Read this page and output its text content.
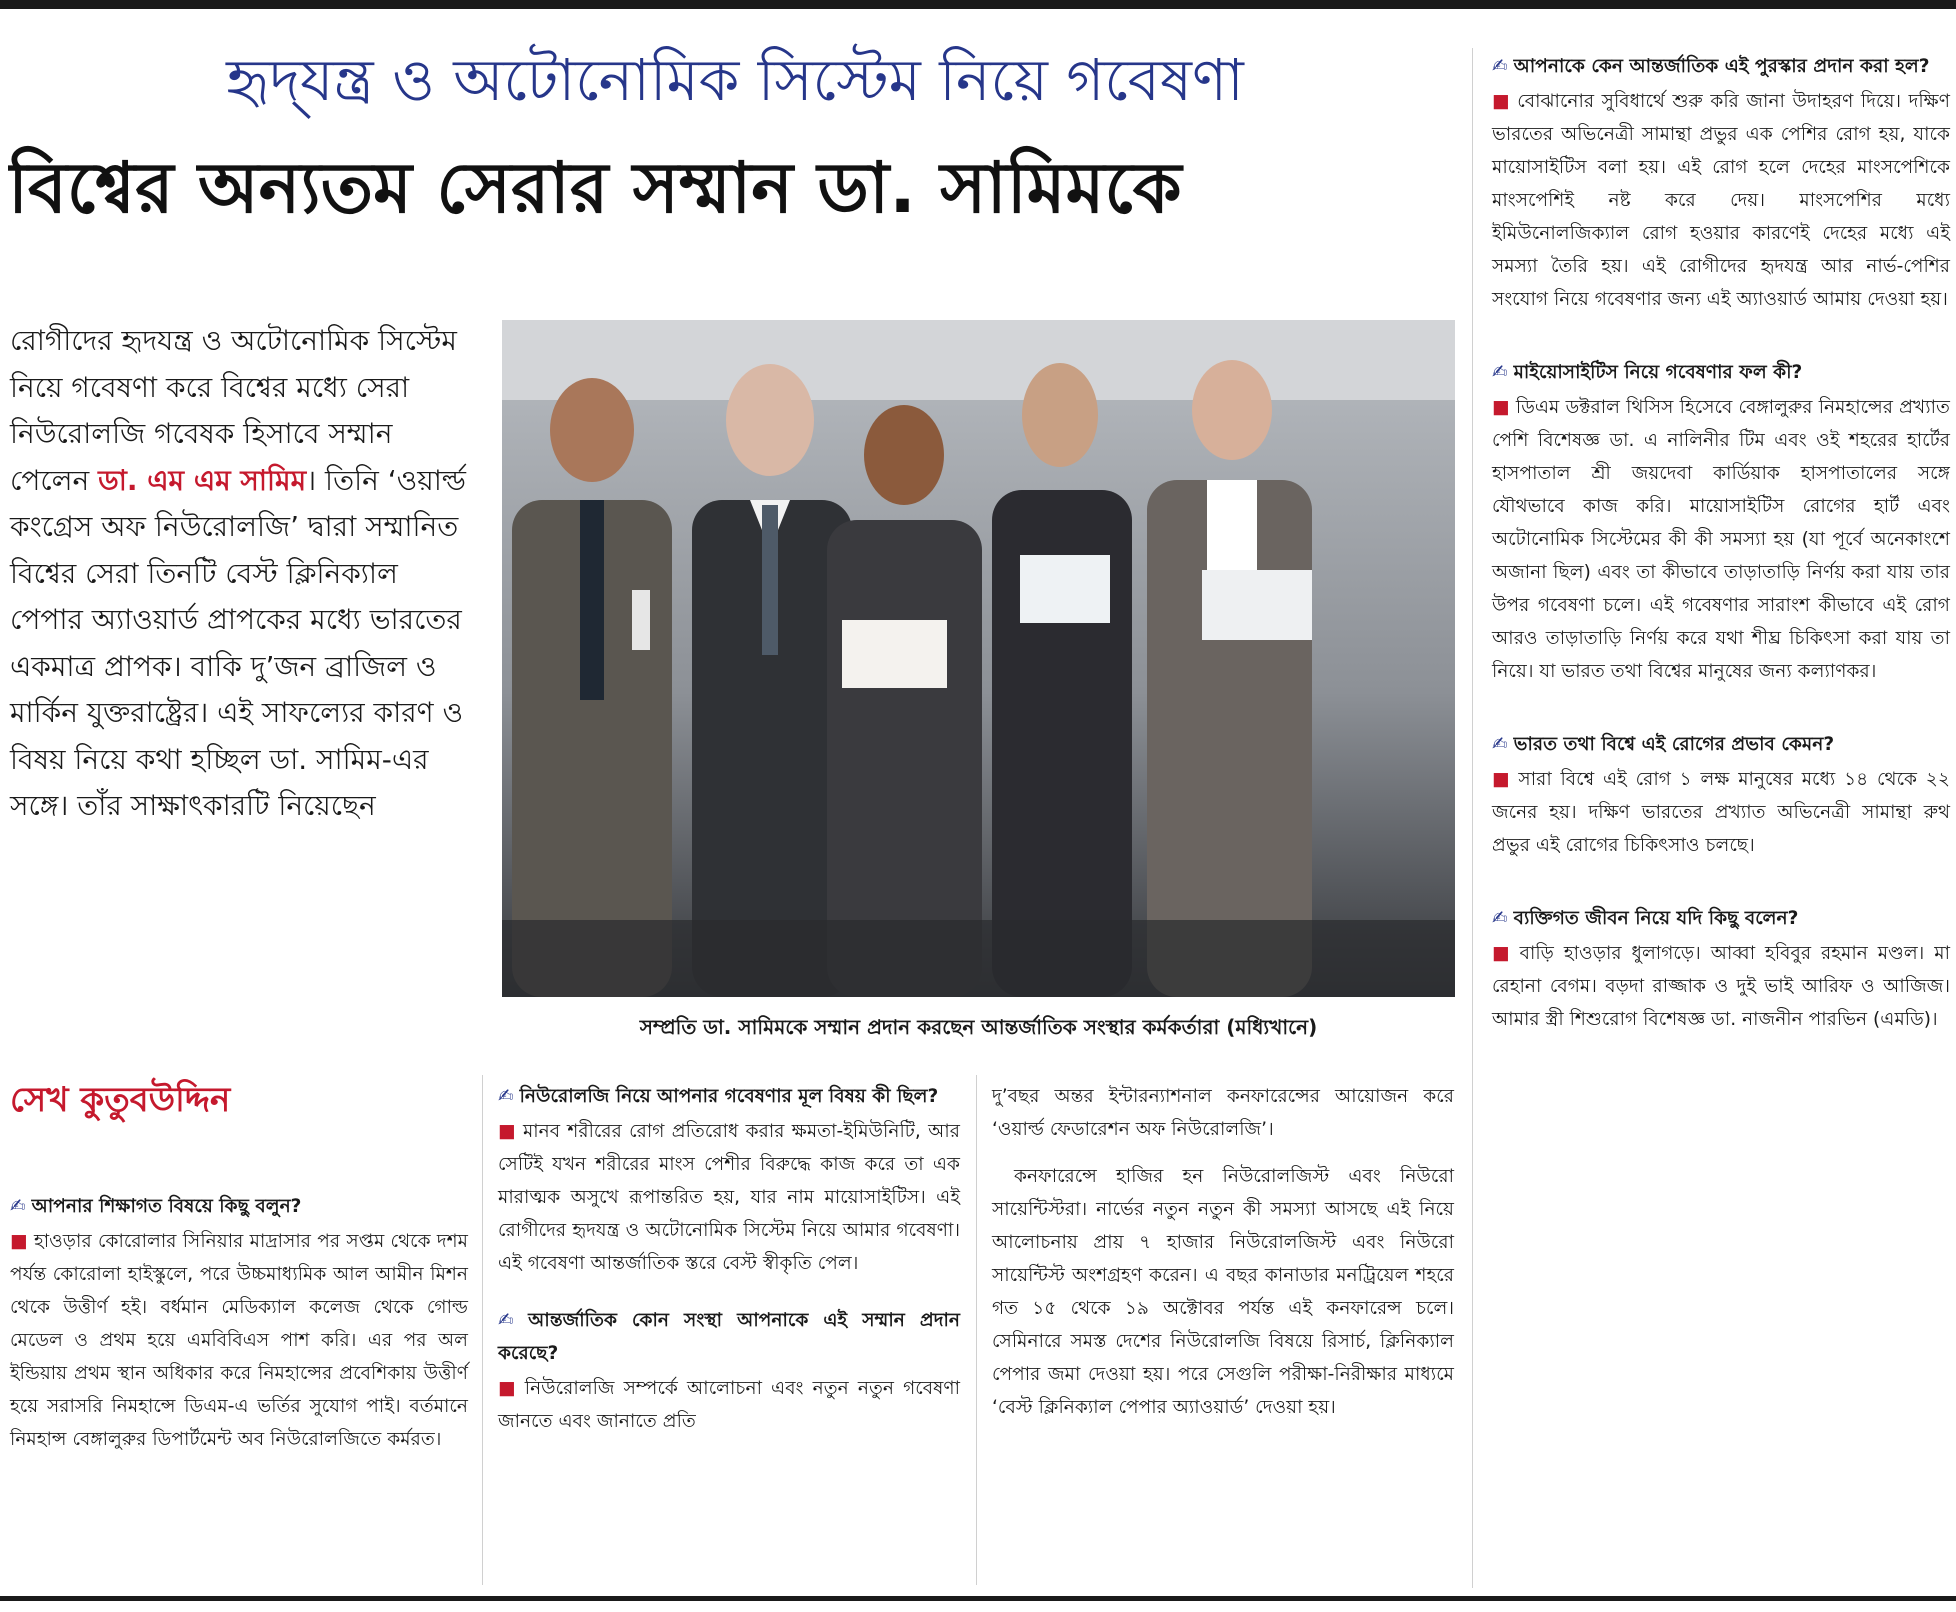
হৃদ্‌যন্ত্র ও অটোনোমিক সিস্টেম নিয়ে গবেষণা
বিশ্বের অন্যতম সেরার সম্মান ডা. সামিমকে
রোগীদের হৃদযন্ত্র ও অটোনোমিক সিস্টেম নিয়ে গবেষণা করে বিশ্বের মধ্যে সেরা নিউরোলজি গবেষক হিসাবে সম্মান পেলেন ডা. এম এম সামিম। তিনি ‘ওয়ার্ল্ড কংগ্রেস অফ নিউরোলজি’ দ্বারা সম্মানিত বিশ্বের সেরা তিনটি বেস্ট ক্লিনিক্যাল পেপার অ্যাওয়ার্ড প্রাপকের মধ্যে ভারতের একমাত্র প্রাপক। বাকি দু’জন ব্রাজিল ও মার্কিন যুক্তরাষ্ট্রের। এই সাফল্যের কারণ ও বিষয় নিয়ে কথা হচ্ছিল ডা. সামিম-এর সঙ্গে। তাঁর সাক্ষাৎকারটি নিয়েছেন
সেখ কুতুবউদ্দিন
সম্প্রতি ডা. সামিমকে সম্মান প্রদান করছেন আন্তর্জাতিক সংস্থার কর্মকর্তারা (মধ্যিখানে)
✍ আপনার শিক্ষাগত বিষয়ে কিছু বলুন?
■ হাওড়ার কোরোলার সিনিয়ার মাদ্রাসার পর সপ্তম থেকে দশম পর্যন্ত কোরোলা হাইস্কুলে, পরে উচ্চমাধ্যমিক আল আমীন মিশন থেকে উত্তীর্ণ হই। বর্ধমান মেডিক্যাল কলেজ থেকে গোল্ড মেডেল ও প্রথম হয়ে এমবিবিএস পাশ করি। এর পর অল ইন্ডিয়ায় প্রথম স্থান অধিকার করে নিমহান্সের প্রবেশিকায় উত্তীর্ণ হয়ে সরাসরি নিমহান্সে ডিএম-এ ভর্তির সুযোগ পাই। বর্তমানে নিমহান্স বেঙ্গালুরুর ডিপার্টমেন্ট অব নিউরোলজিতে কর্মরত।
✍ নিউরোলজি নিয়ে আপনার গবেষণার মূল বিষয় কী ছিল?
■ মানব শরীরের রোগ প্রতিরোধ করার ক্ষমতা-ইমিউনিটি, আর সেটিই যখন শরীরের মাংস পেশীর বিরুদ্ধে কাজ করে তা এক মারাত্মক অসুখে রূপান্তরিত হয়, যার নাম মায়োসাইটিস। এই রোগীদের হৃদযন্ত্র ও অটোনোমিক সিস্টেম নিয়ে আমার গবেষণা। এই গবেষণা আন্তর্জাতিক স্তরে বেস্ট স্বীকৃতি পেল।
✍ আন্তর্জাতিক কোন সংস্থা আপনাকে এই সম্মান প্রদান করেছে?
■ নিউরোলজি সম্পর্কে আলোচনা এবং নতুন নতুন গবেষণা জানতে এবং জানাতে প্রতি
দু’বছর অন্তর ইন্টারন্যাশনাল কনফারেন্সের আয়োজন করে ‘ওয়ার্ল্ড ফেডারেশন অফ নিউরোলজি’।
কনফারেন্সে হাজির হন নিউরোলজিস্ট এবং নিউরো সায়েন্টিস্টরা। নার্ভের নতুন নতুন কী সমস্যা আসছে এই নিয়ে আলোচনায় প্রায় ৭ হাজার নিউরোলজিস্ট এবং নিউরো সায়েন্টিস্ট অংশগ্রহণ করেন। এ বছর কানাডার মনট্রিয়েল শহরে গত ১৫ থেকে ১৯ অক্টোবর পর্যন্ত এই কনফারেন্স চলে। সেমিনারে সমস্ত দেশের নিউরোলজি বিষয়ে রিসার্চ, ক্লিনিক্যাল পেপার জমা দেওয়া হয়। পরে সেগুলি পরীক্ষা-নিরীক্ষার মাধ্যমে ‘বেস্ট ক্লিনিক্যাল পেপার অ্যাওয়ার্ড’ দেওয়া হয়।
✍ আপনাকে কেন আন্তর্জাতিক এই পুরস্কার প্রদান করা হল?
■ বোঝানোর সুবিধার্থে শুরু করি জানা উদাহরণ দিয়ে। দক্ষিণ ভারতের অভিনেত্রী সামান্থা প্রভুর এক পেশির রোগ হয়, যাকে মায়োসাইটিস বলা হয়। এই রোগ হলে দেহের মাংসপেশিকে মাংসপেশিই নষ্ট করে দেয়। মাংসপেশির মধ্যে ইমিউনোলজিক্যাল রোগ হওয়ার কারণেই দেহের মধ্যে এই সমস্যা তৈরি হয়। এই রোগীদের হৃদযন্ত্র আর নার্ভ-পেশির সংযোগ নিয়ে গবেষণার জন্য এই অ্যাওয়ার্ড আমায় দেওয়া হয়।
✍ মাইয়োসাইটিস নিয়ে গবেষণার ফল কী?
■ ডিএম ডক্টরাল থিসিস হিসেবে বেঙ্গালুরুর নিমহান্সের প্রখ্যাত পেশি বিশেষজ্ঞ ডা. এ নালিনীর টিম এবং ওই শহরের হার্টের হাসপাতাল শ্রী জয়দেবা কার্ডিয়াক হাসপাতালের সঙ্গে যৌথভাবে কাজ করি। মায়োসাইটিস রোগের হার্ট এবং অটোনোমিক সিস্টেমের কী কী সমস্যা হয় (যা পূর্বে অনেকাংশে অজানা ছিল) এবং তা কীভাবে তাড়াতাড়ি নির্ণয় করা যায় তার উপর গবেষণা চলে। এই গবেষণার সারাংশ কীভাবে এই রোগ আরও তাড়াতাড়ি নির্ণয় করে যথা শীঘ্র চিকিৎসা করা যায় তা নিয়ে। যা ভারত তথা বিশ্বের মানুষের জন্য কল্যাণকর।
✍ ভারত তথা বিশ্বে এই রোগের প্রভাব কেমন?
■ সারা বিশ্বে এই রোগ ১ লক্ষ মানুষের মধ্যে ১৪ থেকে ২২ জনের হয়। দক্ষিণ ভারতের প্রখ্যাত অভিনেত্রী সামান্থা রুথ প্রভুর এই রোগের চিকিৎসাও চলছে।
✍ ব্যক্তিগত জীবন নিয়ে যদি কিছু বলেন?
■ বাড়ি হাওড়ার ধুলাগড়ে। আব্বা হবিবুর রহমান মণ্ডল। মা রেহানা বেগম। বড়দা রাজ্জাক ও দুই ভাই আরিফ ও আজিজ। আমার স্ত্রী শিশুরোগ বিশেষজ্ঞ ডা. নাজনীন পারভিন (এমডি)।
